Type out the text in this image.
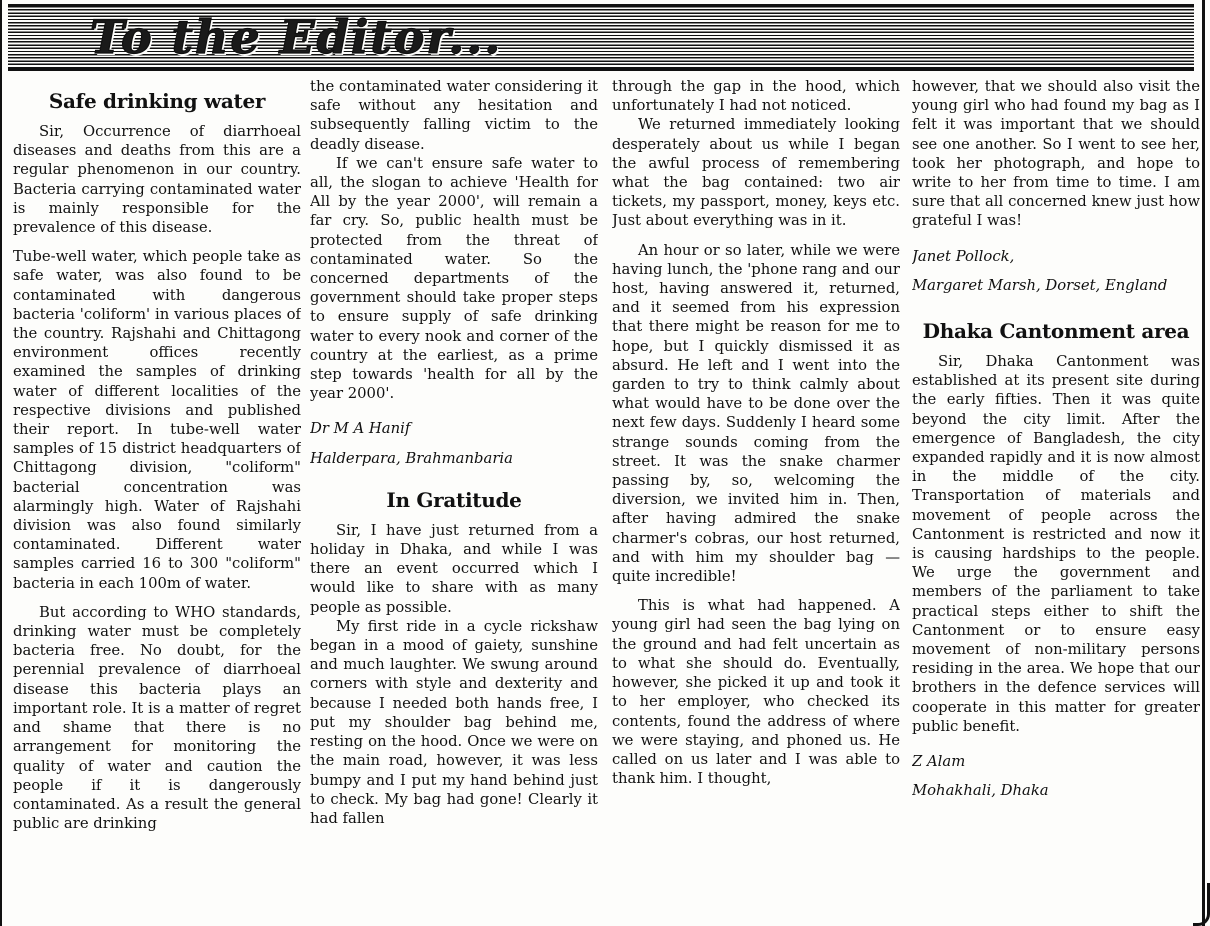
To the Editor...
Safe drinking water

Sir, Occurrence of diarrhoeal diseases and deaths from this are a regular phenomenon in our country. Bacteria carrying contaminated water is mainly responsible for the prevalence of this disease.

Tube-well water, which people take as safe water, was also found to be contaminated with dangerous bacteria 'coliform' in various places of the country. Rajshahi and Chittagong environment offices recently examined the samples of drinking water of different localities of the respective divisions and published their report. In tube-well water samples of 15 district headquarters of Chittagong division, "coliform" bacterial concentration was alarmingly high. Water of Rajshahi division was also found similarly contaminated. Different water samples carried 16 to 300 "coliform" bacteria in each 100m of water.

But according to WHO standards, drinking water must be completely bacteria free. No doubt, for the perennial prevalence of diarrhoeal disease this bacteria plays an important role. It is a matter of regret and shame that there is no arrangement for monitoring the quality of water and caution the people if it is dangerously contaminated. As a result the general public are drinking

the contaminated water considering it safe without any hesitation and subsequently falling victim to the deadly disease.

If we can't ensure safe water to all, the slogan to achieve 'Health for All by the year 2000', will remain a far cry. So, public health must be protected from the threat of contaminated water. So the concerned departments of the government should take proper steps to ensure supply of safe drinking water to every nook and corner of the country at the earliest, as a prime step towards 'health for all by the year 2000'.

Dr M A Hanif

Halderpara, Brahmanbaria

In Gratitude

Sir, I have just returned from a holiday in Dhaka, and while I was there an event occurred which I would like to share with as many people as possible.

My first ride in a cycle rickshaw began in a mood of gaiety, sunshine and much laughter. We swung around corners with style and dexterity and because I needed both hands free, I put my shoulder bag behind me, resting on the hood. Once we were on the main road, however, it was less bumpy and I put my hand behind just to check. My bag had gone! Clearly it had fallen

through the gap in the hood, which unfortunately I had not noticed.

We returned immediately looking desperately about us while I began the awful process of remembering what the bag contained: two air tickets, my passport, money, keys etc. Just about everything was in it.

An hour or so later, while we were having lunch, the 'phone rang and our host, having answered it, returned, and it seemed from his expression that there might be reason for me to hope, but I quickly dismissed it as absurd. He left and I went into the garden to try to think calmly about what would have to be done over the next few days. Suddenly I heard some strange sounds coming from the street. It was the snake charmer passing by, so, welcoming the diversion, we invited him in. Then, after having admired the snake charmer's cobras, our host returned, and with him my shoulder bag — quite incredible!

This is what had happened. A young girl had seen the bag lying on the ground and had felt uncertain as to what she should do. Eventually, however, she picked it up and took it to her employer, who checked its contents, found the address of where we were staying, and phoned us. He called on us later and I was able to thank him. I thought,

however, that we should also visit the young girl who had found my bag as I felt it was important that we should see one another. So I went to see her, took her photograph, and hope to write to her from time to time. I am sure that all concerned knew just how grateful I was!

Janet Pollock,

Margaret Marsh, Dorset, England

Dhaka Cantonment area

Sir, Dhaka Cantonment was established at its present site during the early fifties. Then it was quite beyond the city limit. After the emergence of Bangladesh, the city expanded rapidly and it is now almost in the middle of the city. Transportation of materials and movement of people across the Cantonment is restricted and now it is causing hardships to the people. We urge the government and members of the parliament to take practical steps either to shift the Cantonment or to ensure easy movement of non-military persons residing in the area. We hope that our brothers in the defence services will cooperate in this matter for greater public benefit.

Z Alam

Mohakhali, Dhaka
